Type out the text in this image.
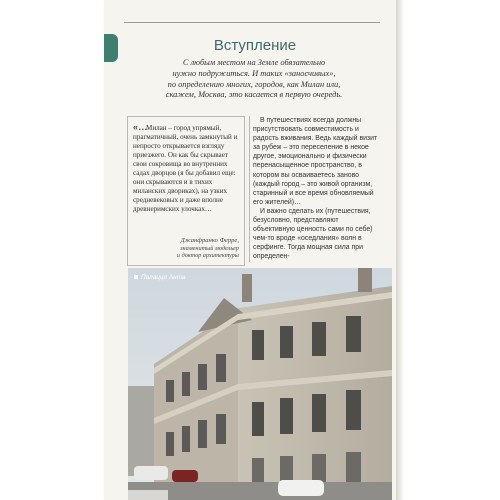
Вступление

С любым местом на Земле обязательно

нужно подружиться. И таких «заносчивых»,

по определению многих, городов, как Милан или,

скажем, Москва, это касается в первую очередь.

« . . .Милан – город упрямый, прагматичный, очень замкнутый и непросто открывается взгляду приезжего. Он как бы скрывает свои сокровища во внутренних садах дворцов (я бы добавил еще: они скрываются и в тихих миланских двориках), на узких средневековых и даже вполне древнеримских улочках…

Джанфранко Ферре,
знаменитый модельер
и доктор архитектуры

В путешествиях всегда должны присутствовать совместимость и радость вживания. Ведь каждый визит за рубеж – это переселение в некое другое, эмоционально и физически перенасыщенное пространство, в котором вы осваиваетесь заново (каждый город – это живой организм, старинный и все время обновляемый его жителей)…

И важно сделать их (путешествия, безусловно, представляют объективную ценность сами по себе) чем-то вроде «оседлания» волн в серфинге. Тогда мощная сила при определен-

Палаццо Анта
